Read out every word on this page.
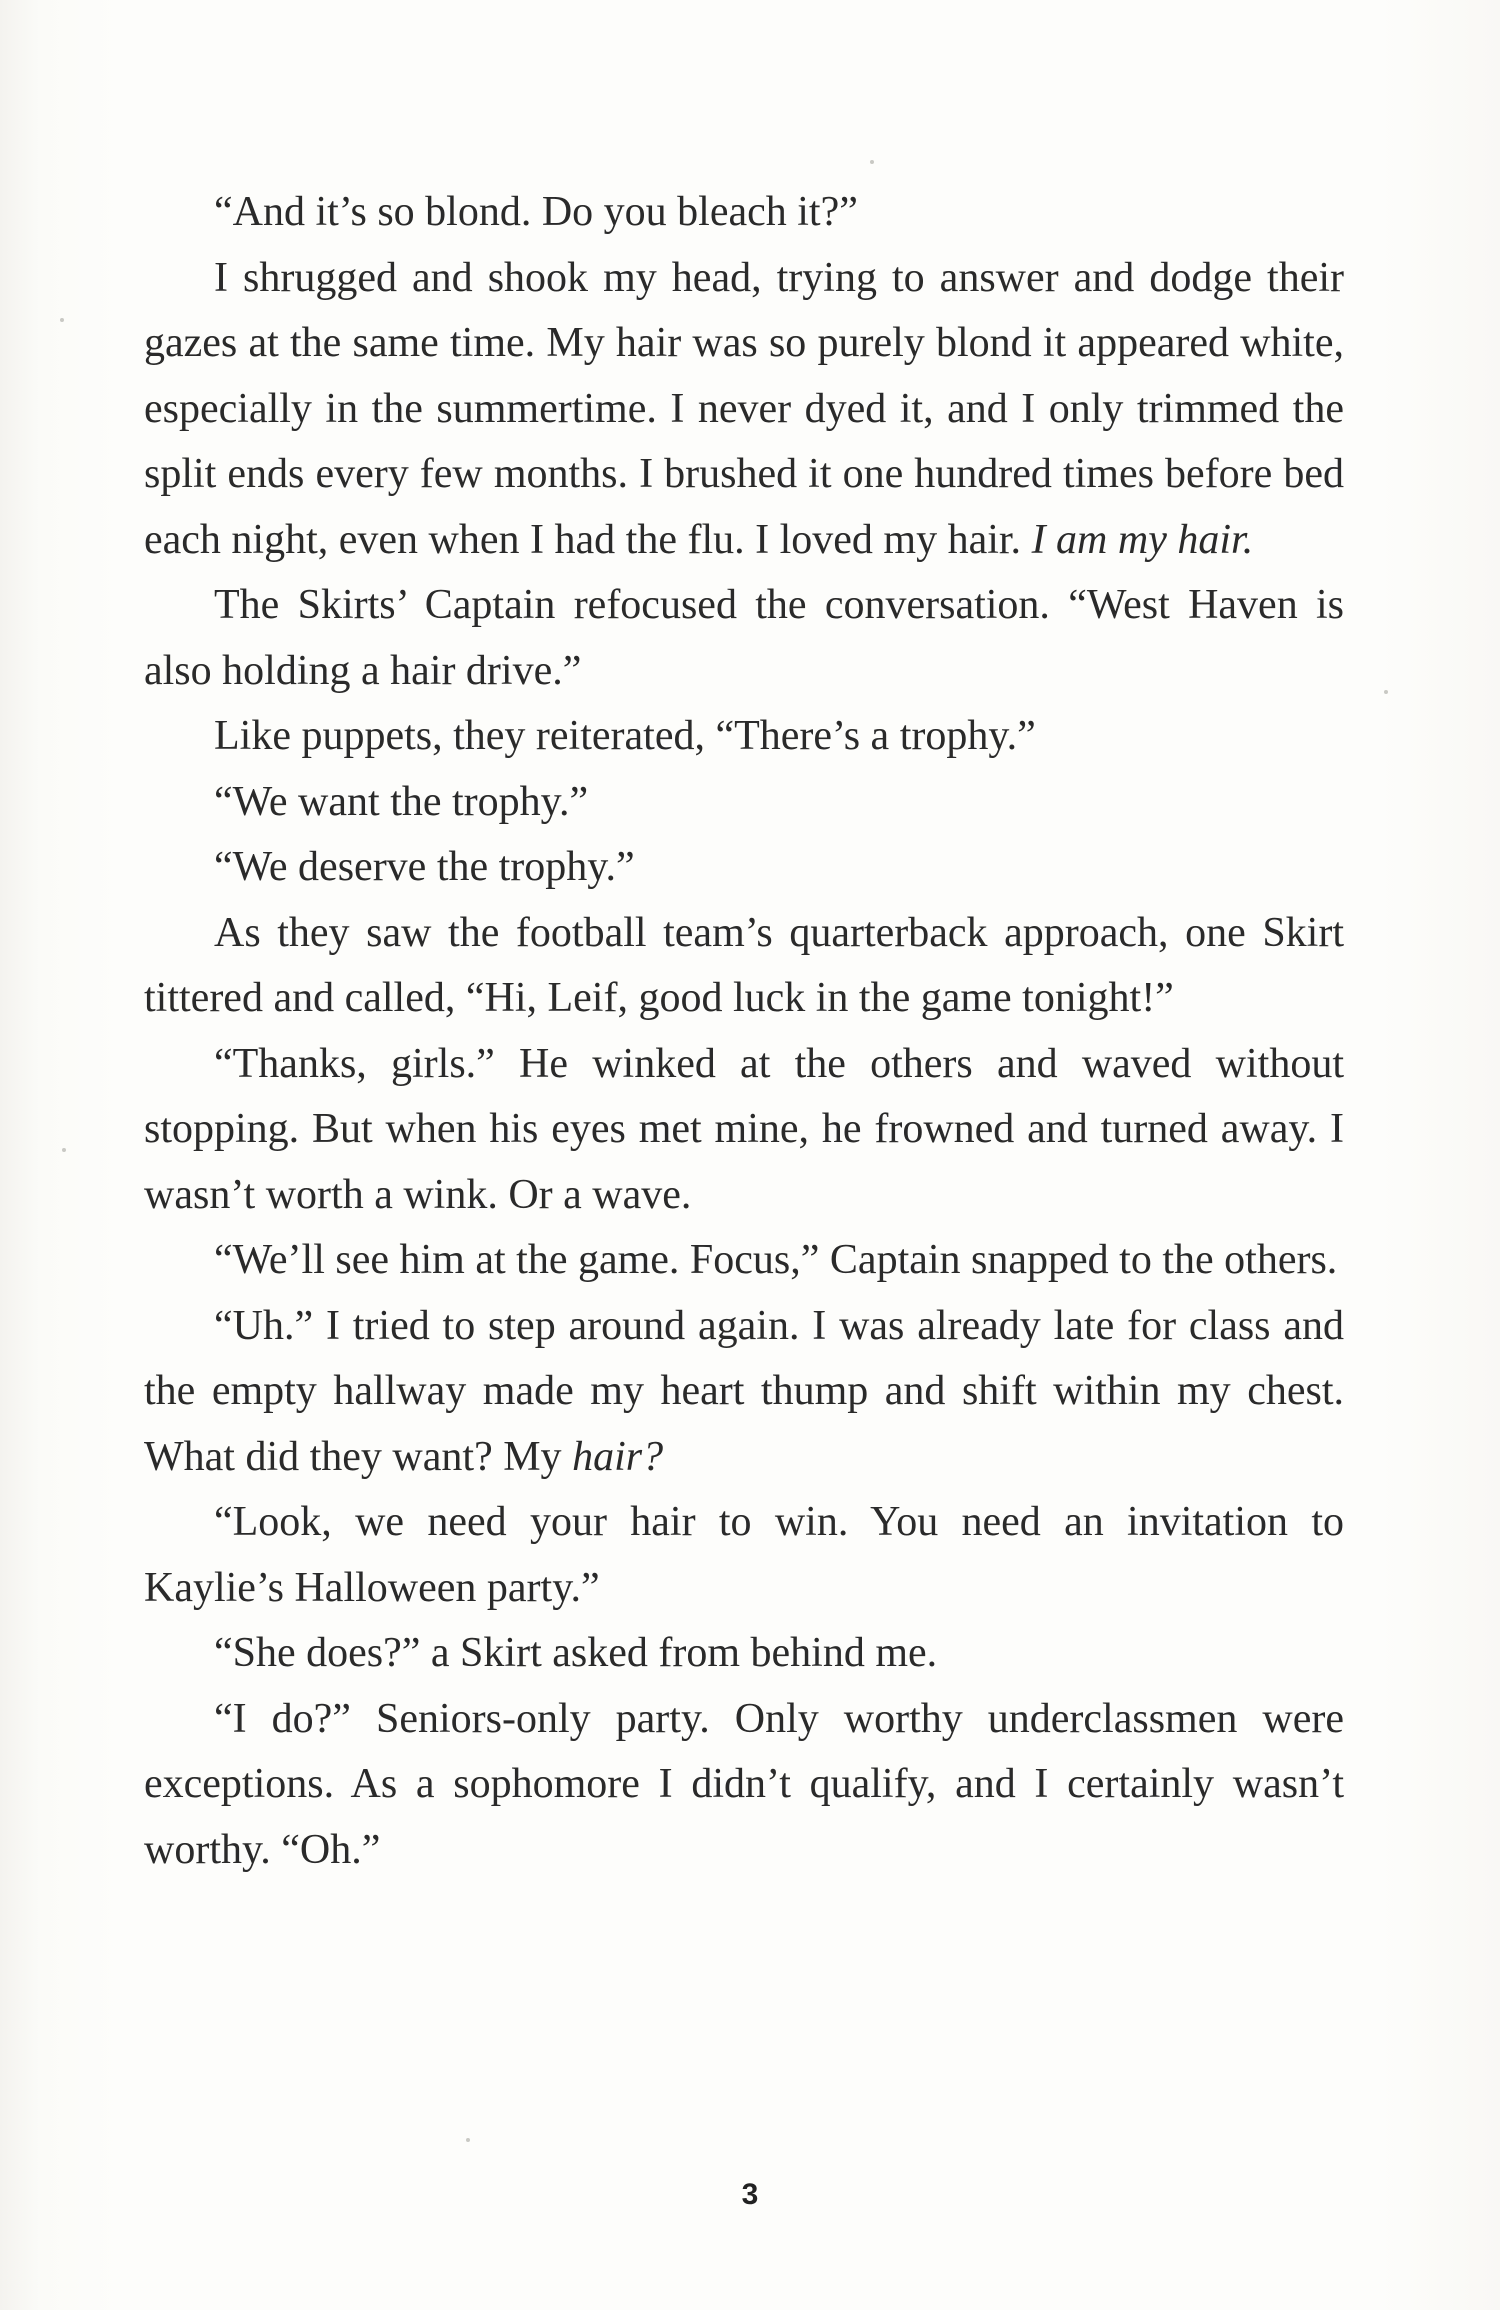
“And it’s so blond. Do you bleach it?”

I shrugged and shook my head, trying to answer and dodge their gazes at the same time. My hair was so purely blond it appeared white, especially in the summertime. I never dyed it, and I only trimmed the split ends every few months. I brushed it one hundred times before bed each night, even when I had the flu. I loved my hair. I am my hair.

The Skirts’ Captain refocused the conversation. “West Haven is also holding a hair drive.”

Like puppets, they reiterated, “There’s a trophy.”

“We want the trophy.”

“We deserve the trophy.”

As they saw the football team’s quarterback approach, one Skirt tittered and called, “Hi, Leif, good luck in the game tonight!”

“Thanks, girls.” He winked at the others and waved without stopping. But when his eyes met mine, he frowned and turned away. I wasn’t worth a wink. Or a wave.

“We’ll see him at the game. Focus,” Captain snapped to the others.

“Uh.” I tried to step around again. I was already late for class and the empty hallway made my heart thump and shift within my chest. What did they want? My hair?

“Look, we need your hair to win. You need an invitation to Kaylie’s Halloween party.”

“She does?” a Skirt asked from behind me.

“I do?” Seniors-only party. Only worthy underclassmen were exceptions. As a sophomore I didn’t qualify, and I certainly wasn’t worthy. “Oh.”

3
